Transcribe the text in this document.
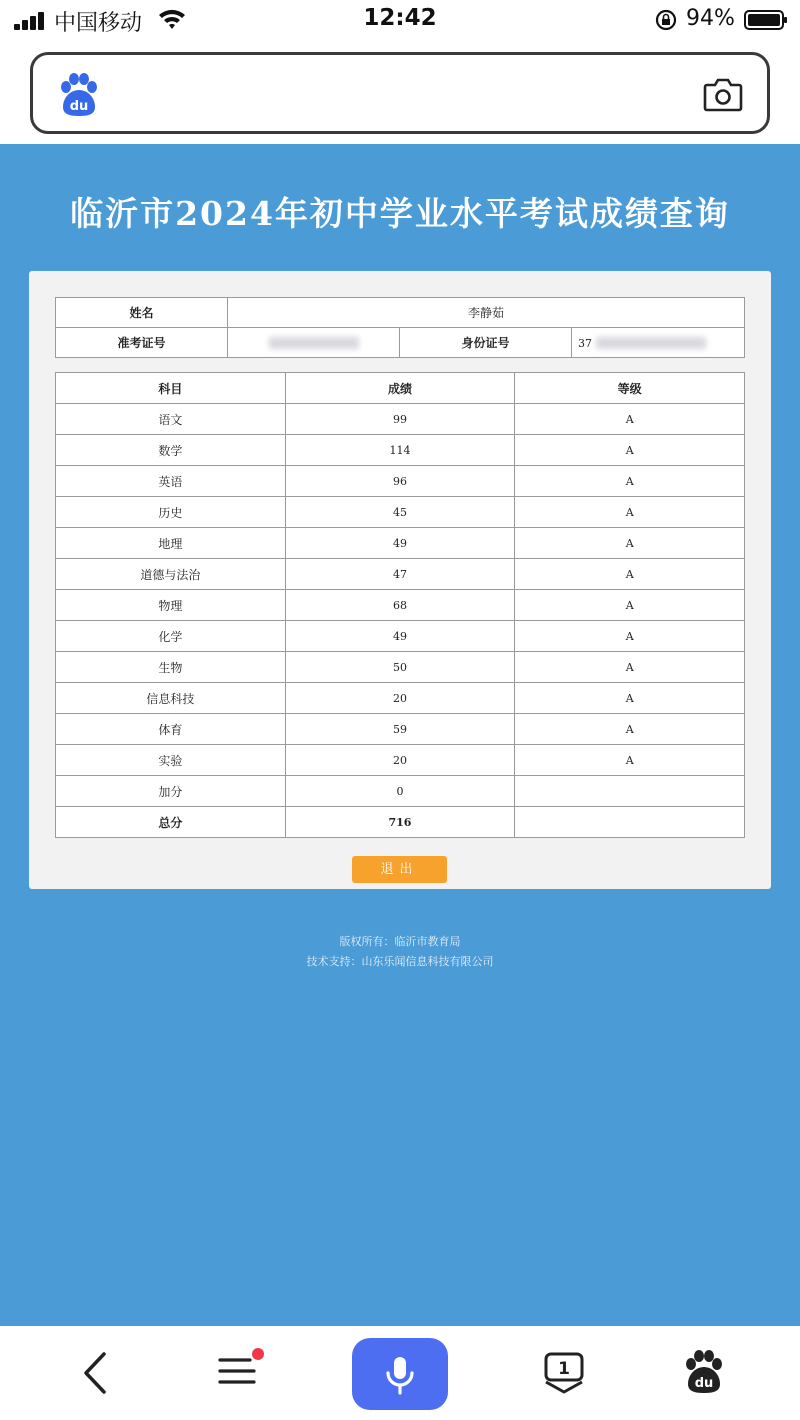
中国移动	12:42	94%
du
临沂市2024年初中学业水平考试成绩查询
姓名	李静茹		
准考证号		身份证号	37
科目	成绩	等级
语文	99	A
数学	114	A
英语	96	A
历史	45	A
地理	49	A
道德与法治	47	A
物理	68	A
化学	49	A
生物	50	A
信息科技	20	A
体育	59	A
实验	20	A
加分	0	
总分	716	
退出
版权所有：临沂市教育局
技术支持：山东乐闻信息科技有限公司
1
du
